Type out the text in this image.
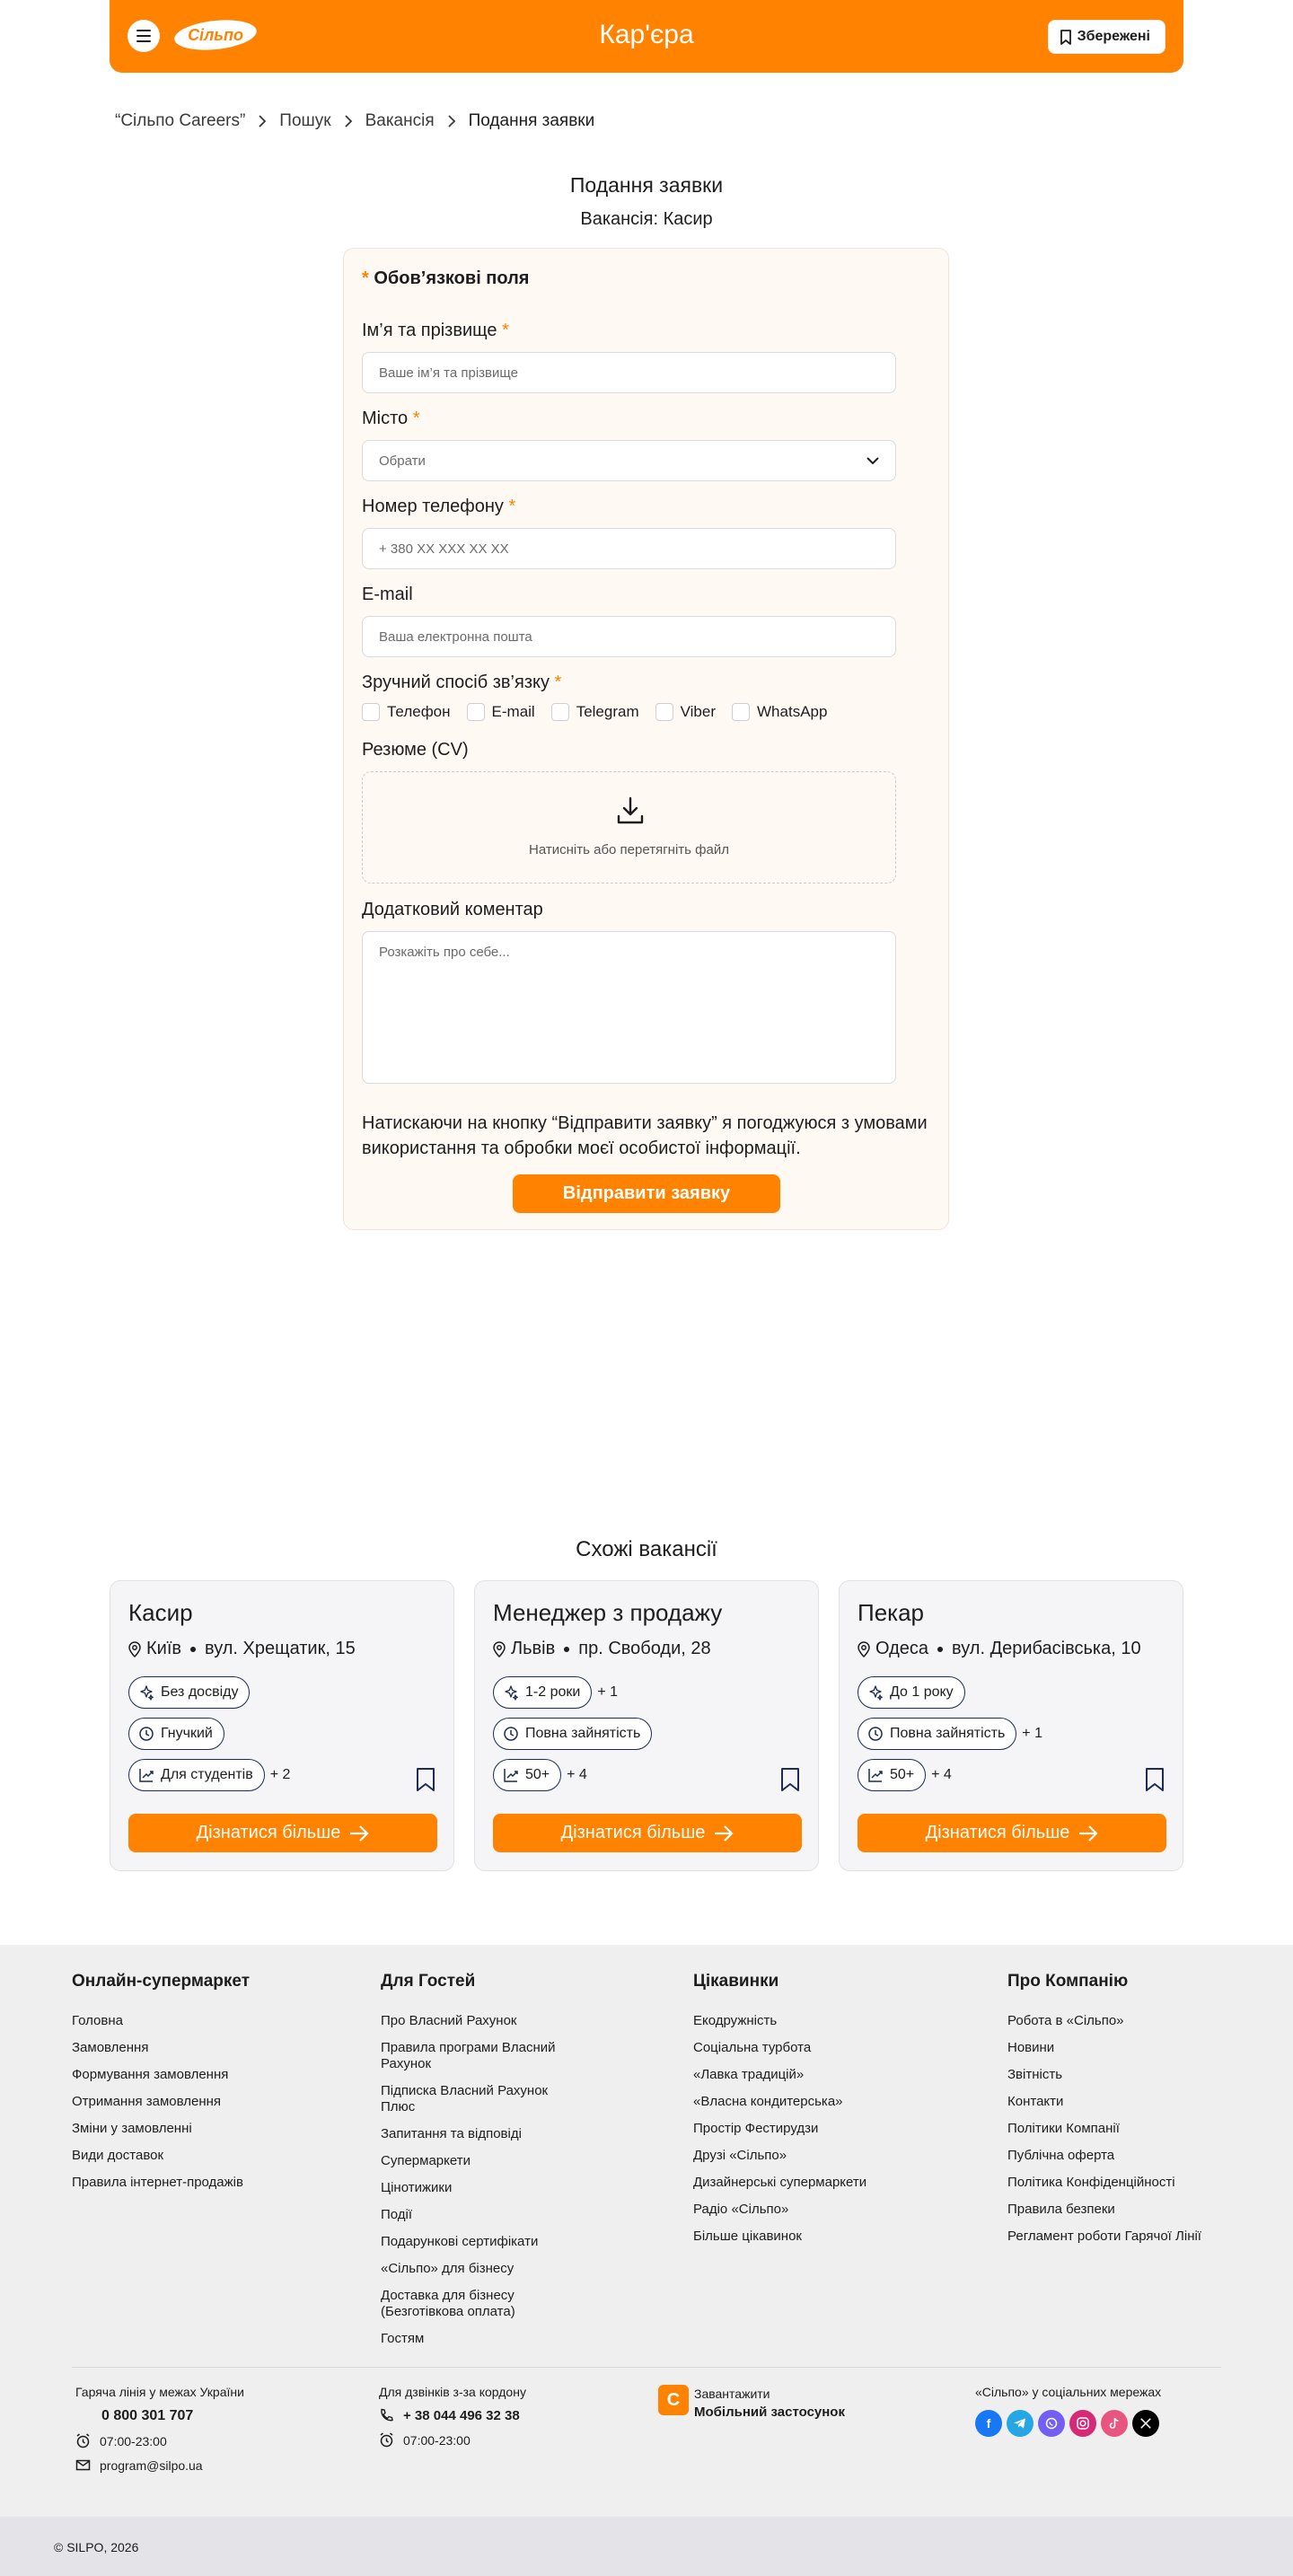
Сільпо	Кар'єра	Збережені
“Сільпо Careers” Пошук Вакансія Подання заявки
Подання заявки
Вакансія: Касир
* Обов’язкові поля
Ім’я та прізвище *
Ваше ім’я та прізвище
Місто *
Обрати
Номер телефону *
+ 380 XX XXX XX XX
E-mail
Ваша електронна пошта
Зручний спосіб зв’язку *
Телефон	E-mail	Telegram	Viber	WhatsApp
Резюме (CV)
Натисніть або перетягніть файл
Додатковий коментар
Розкажіть про себе...
Натискаючи на кнопку “Відправити заявку” я погоджуюся з умовами
використання та обробки моєї особистої інформації.
Відправити заявку
Схожі вакансії
Касир
Київ вул. Хрещатик, 15
Без досвіду
Гнучкий
Для студентів + 2
Дізнатися більше
Менеджер з продажу
Львів пр. Свободи, 28
1-2 роки + 1
Повна зайнятість
50+ + 4
Дізнатися більше
Пекар
Одеса вул. Дерибасівська, 10
До 1 року
Повна зайнятість + 1
50+ + 4
Дізнатися більше
Онлайн-супермаркет
Головна
Замовлення
Формування замовлення
Отримання замовлення
Зміни у замовленні
Види доставок
Правила інтернет-продажів
Для Гостей
Про Власний Рахунок
Правила програми Власний Рахунок
Підписка Власний Рахунок Плюс
Запитання та відповіді
Супермаркети
Цінотижики
Події
Подарункові сертифікати
«Сільпо» для бізнесу
Доставка для бізнесу (Безготівкова оплата)
Гостям
Цікавинки
Екодружність
Соціальна турбота
«Лавка традицій»
«Власна кондитерська»
Простір Фестирудзи
Друзі «Сільпо»
Дизайнерські супермаркети
Радіо «Сільпо»
Більше цікавинок
Про Компанію
Робота в «Сільпо»
Новини
Звітність
Контакти
Політики Компанії
Публічна оферта
Політика Конфіденційності
Правила безпеки
Регламент роботи Гарячої Лінії
Гаряча лінія у межах України
0 800 301 707
07:00-23:00
program@silpo.ua
Для дзвінків з-за кордону
+ 38 044 496 32 38
07:00-23:00
С	Завантажити
Мобільний застосунок
«Сільпо» у соціальних мережах
f
© SILPO, 2026
